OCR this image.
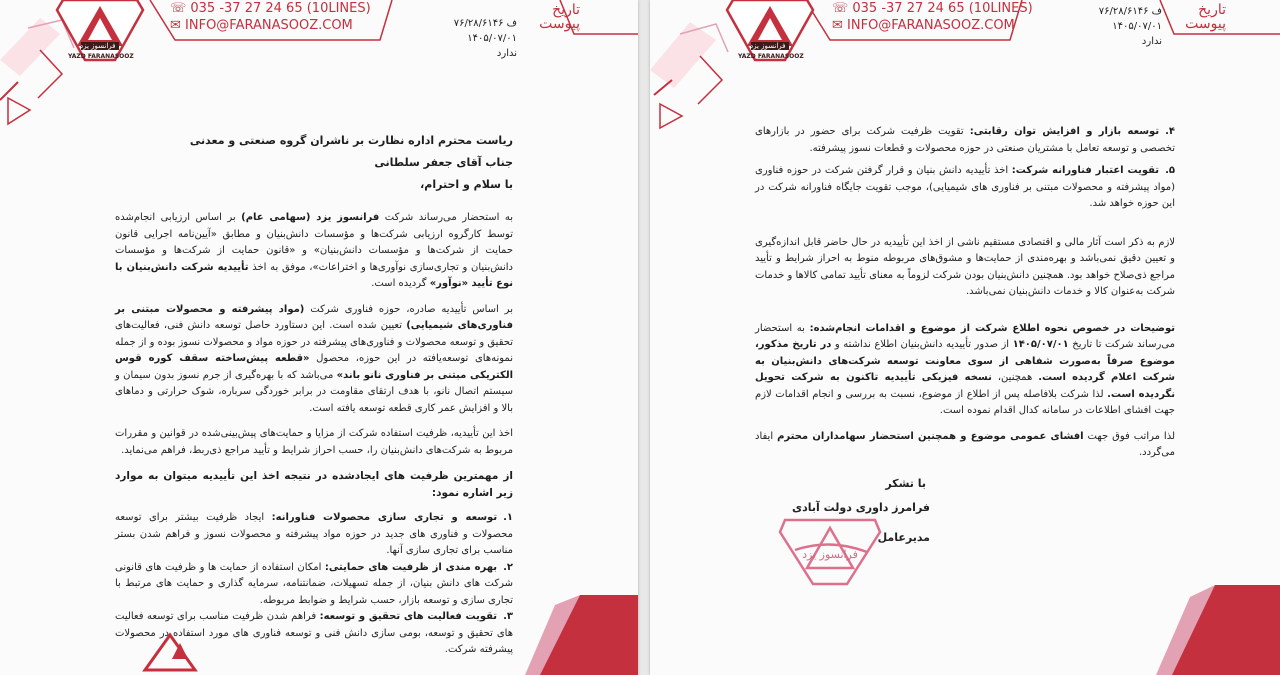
فرانسوز یزد
YAZD FARANASOOZ
☏ 035 -37 27 24 65 (10LINES)
✉ INFO@FARANASOOZ.COM
تاریخ
پیوست
ف ۷۶/۲۸/۶۱۴۶
۱۴۰۵/۰۷/۰۱
ندارد
ریاست محترم اداره نظارت بر ناشران گروه صنعتی و معدنی
جناب آقای جعفر سلطانی
با سلام و احترام،

به استحضار می‌رساند شرکت فرانسوز یزد (سهامی عام) بر اساس ارزیابی انجام‌شده توسط کارگروه ارزیابی شرکت‌ها و مؤسسات دانش‌بنیان و مطابق «آیین‌نامه اجرایی قانون حمایت از شرکت‌ها و مؤسسات دانش‌بنیان» و «قانون حمایت از شرکت‌ها و مؤسسات دانش‌بنیان و تجاری‌سازی نوآوری‌ها و اختراعات»، موفق به اخذ تأییدیه شرکت دانش‌بنیان با نوع تأیید «نوآور» گردیده است.

بر اساس تأییدیه صادره، حوزه فناوری شرکت (مواد پیشرفته و محصولات مبتنی بر فناوری‌های شیمیایی) تعیین شده است. این دستاورد حاصل توسعه دانش فنی، فعالیت‌های تحقیق و توسعه محصولات و فناوری‌های پیشرفته در حوزه مواد و محصولات نسوز بوده و از جمله نمونه‌های توسعه‌یافته در این حوزه، محصول «قطعه پیش‌ساخته سقف کوره قوس الکتریکی مبتنی بر فناوری نانو باند» می‌باشد که با بهره‌گیری از جرم نسوز بدون سیمان و سیستم اتصال نانو، با هدف ارتقای مقاومت در برابر خوردگی سرباره، شوک حرارتی و دماهای بالا و افزایش عمر کاری قطعه توسعه یافته است.

اخذ این تأییدیه، ظرفیت استفاده شرکت از مزایا و حمایت‌های پیش‌بینی‌شده در قوانین و مقررات مربوط به شرکت‌های دانش‌بنیان را، حسب احراز شرایط و تأیید مراجع ذی‌ربط، فراهم می‌نماید.

از مهمترین ظرفیت های ایجادشده در نتیجه اخذ این تأییدیه میتوان به موارد زیر اشاره نمود:

۱.توسعه و تجاری سازی محصولات فناورانه: ایجاد ظرفیت بیشتر برای توسعه محصولات و فناوری های جدید در حوزه مواد پیشرفته و محصولات نسوز و فراهم شدن بستر مناسب برای تجاری سازی آنها.
۲.بهره مندی از ظرفیت های حمایتی: امکان استفاده از حمایت ها و ظرفیت های قانونی شرکت های دانش بنیان، از جمله تسهیلات، ضمانتنامه، سرمایه گذاری و حمایت های مرتبط با تجاری سازی و توسعه بازار، حسب شرایط و ضوابط مربوطه.
۳.تقویت فعالیت های تحقیق و توسعه: فراهم شدن ظرفیت مناسب برای توسعه فعالیت های تحقیق و توسعه، بومی سازی دانش فنی و توسعه فناوری های مورد استفاده در محصولات پیشرفته شرکت.
فرانسوز یزد
YAZD FARANASOOZ
☏ 035 -37 27 24 65 (10LINES)
✉ INFO@FARANASOOZ.COM
تاریخ
پیوست
ف ۷۶/۲۸/۶۱۴۶
۱۴۰۵/۰۷/۰۱
ندارد
۴.توسعه بازار و افزایش توان رقابتی: تقویت ظرفیت شرکت برای حضور در بازارهای تخصصی و توسعه تعامل با مشتریان صنعتی در حوزه محصولات و قطعات نسوز پیشرفته.
۵.تقویت اعتبار فناورانه شرکت: اخذ تأییدیه دانش بنیان و قرار گرفتن شرکت در حوزه فناوری (مواد پیشرفته و محصولات مبتنی بر فناوری های شیمیایی)، موجب تقویت جایگاه فناورانه شرکت در این حوزه خواهد شد.

لازم به ذکر است آثار مالی و اقتصادی مستقیم ناشی از اخذ این تأییدیه در حال حاضر قابل اندازه‌گیری و تعیین دقیق نمی‌باشد و بهره‌مندی از حمایت‌ها و مشوق‌های مربوطه منوط به احراز شرایط و تأیید مراجع ذی‌صلاح خواهد بود. همچنین دانش‌بنیان بودن شرکت لزوماً به معنای تأیید تمامی کالاها و خدمات شرکت به‌عنوان کالا و خدمات دانش‌بنیان نمی‌باشد.

توضیحات در خصوص نحوه اطلاع شرکت از موضوع و اقدامات انجام‌شده: به استحضار می‌رساند شرکت تا تاریخ ۱۴۰۵/۰۷/۰۱ از صدور تأییدیه دانش‌بنیان اطلاع نداشته و در تاریخ مذکور، موضوع صرفاً به‌صورت شفاهی از سوی معاونت توسعه شرکت‌های دانش‌بنیان به شرکت اعلام گردیده است. همچنین، نسخه فیزیکی تأییدیه تاکنون به شرکت تحویل نگردیده است. لذا شرکت بلافاصله پس از اطلاع از موضوع، نسبت به بررسی و انجام اقدامات لازم جهت افشای اطلاعات در سامانه کدال اقدام نموده است.

لذا مراتب فوق جهت افشای عمومی موضوع و همچنین استحضار سهامداران محترم ایفاد می‌گردد.

با تشکر
فرامرز داوری دولت آبادی
مدیرعامل
فرانسوز یزد
